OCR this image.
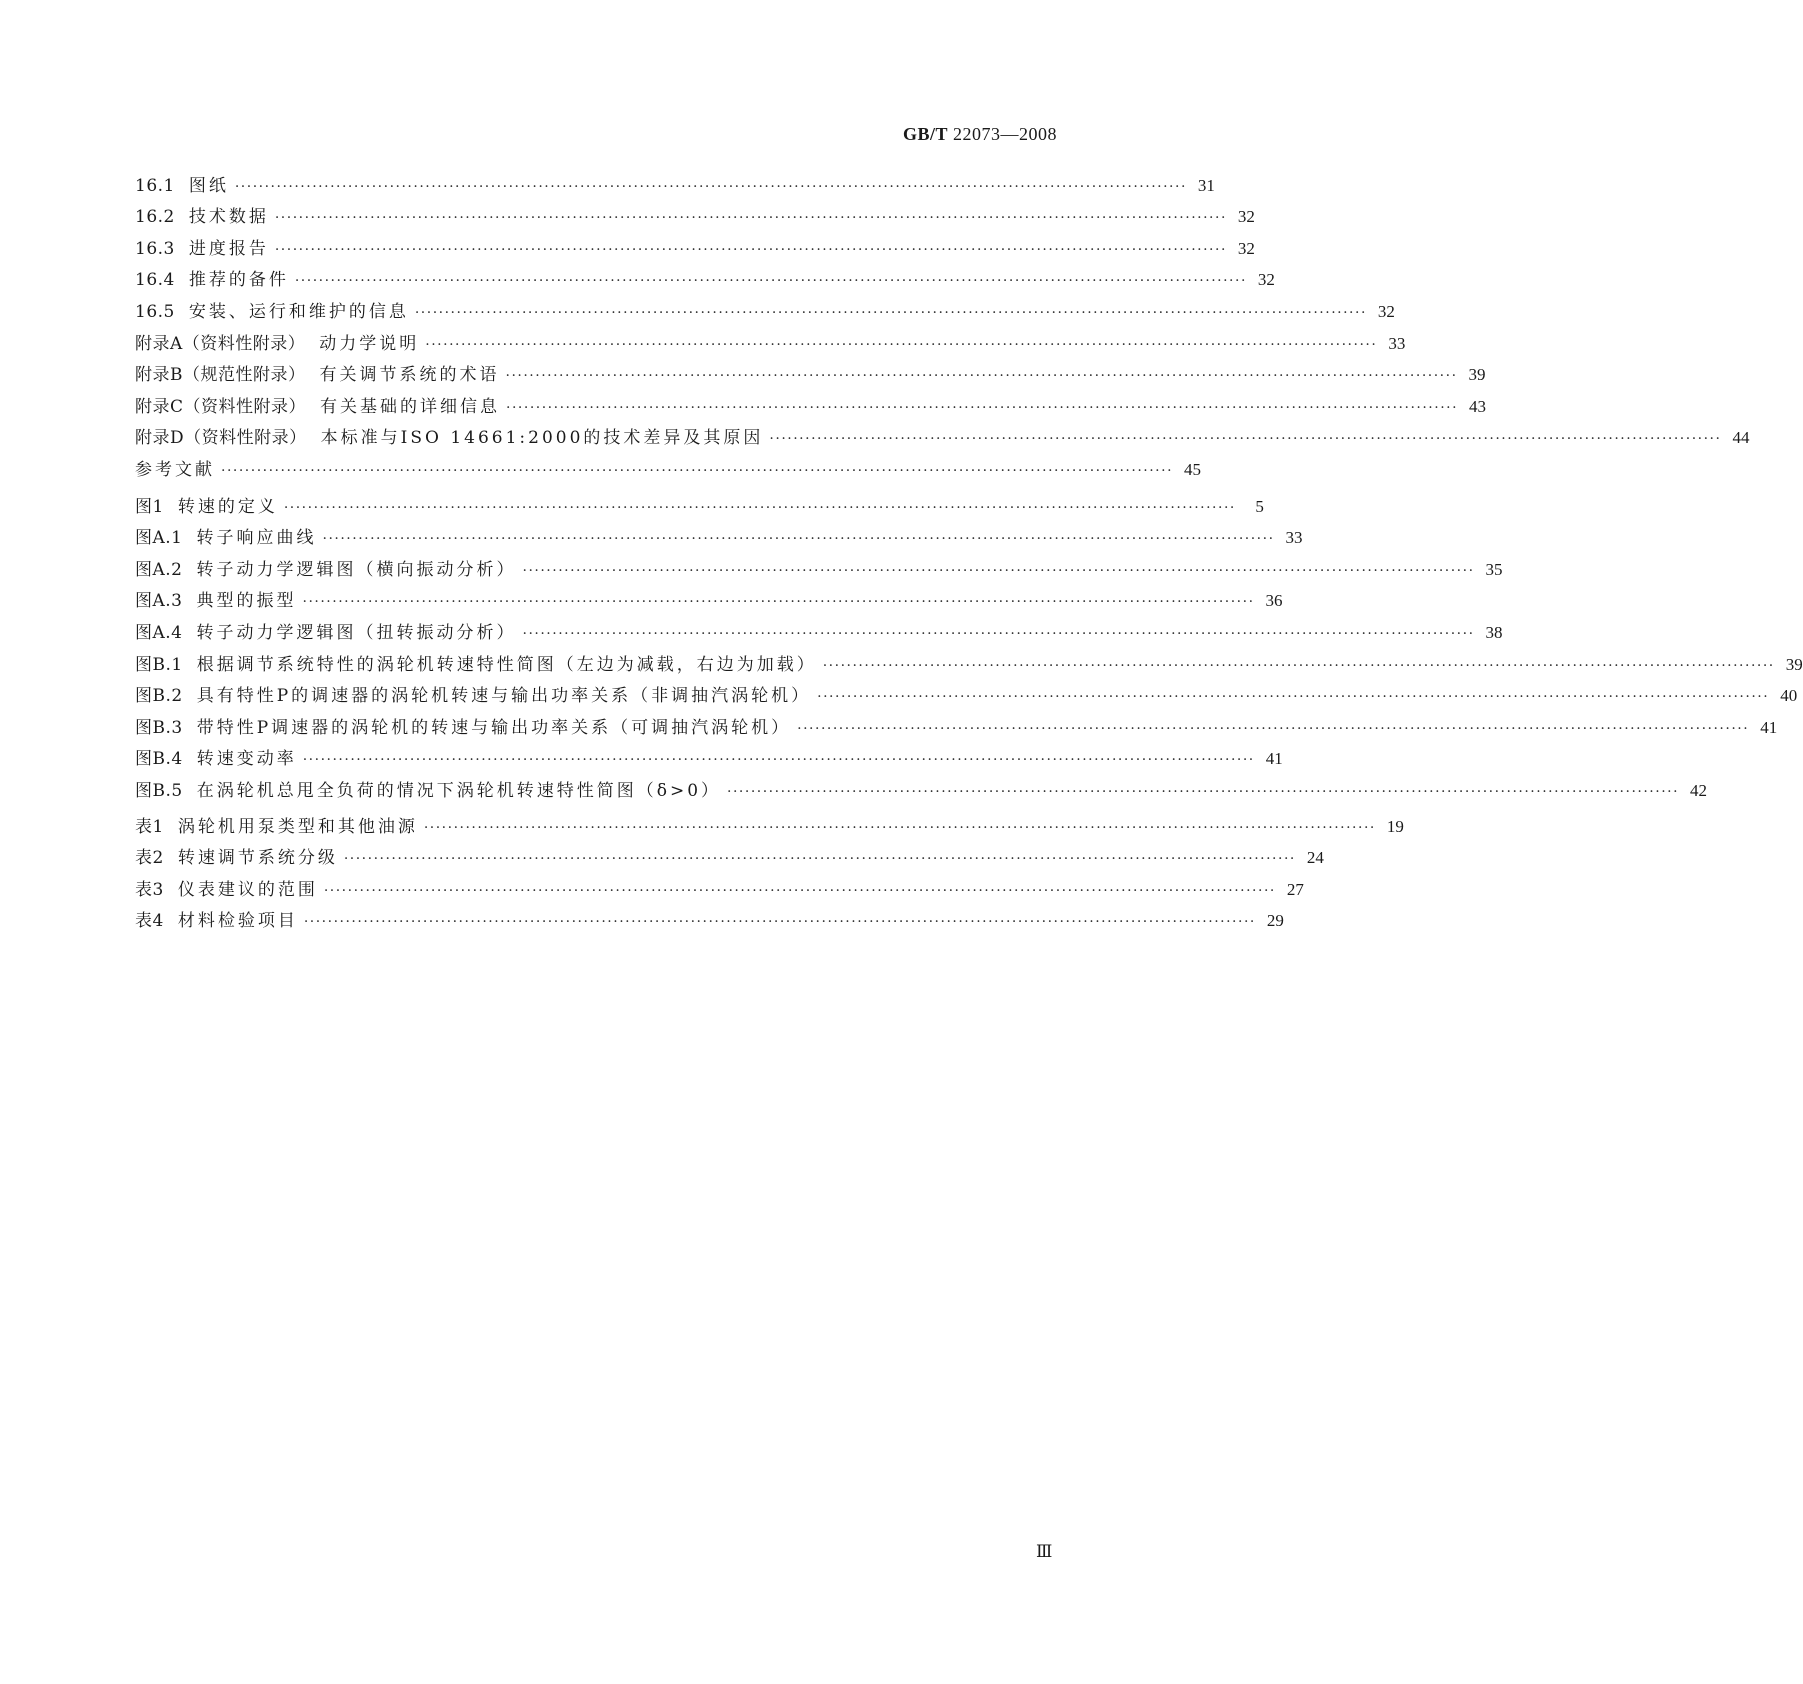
GB/T 22073—2008
16.1 图纸 ································································································································································ 31
16.2 技术数据 ································································································································································ 32
16.3 进度报告 ································································································································································ 32
16.4 推荐的备件 ································································································································································ 32
16.5 安装、运行和维护的信息 ································································································································································ 32
附录A（资料性附录） 动力学说明 ································································································································································ 33
附录B（规范性附录） 有关调节系统的术语 ································································································································································ 39
附录C（资料性附录） 有关基础的详细信息 ································································································································································ 43
附录D（资料性附录） 本标准与ISO 14661:2000的技术差异及其原因 ································································································································································ 44
参考文献 ································································································································································ 45
图1 转速的定义 ································································································································································	5
图A.1 转子响应曲线 ································································································································································ 33
图A.2 转子动力学逻辑图（横向振动分析） ································································································································································ 35
图A.3 典型的振型 ································································································································································ 36
图A.4 转子动力学逻辑图（扭转振动分析） ································································································································································ 38
图B.1 根据调节系统特性的涡轮机转速特性简图（左边为减载，右边为加载） ································································································································································ 39
图B.2 具有特性P的调速器的涡轮机转速与输出功率关系（非调抽汽涡轮机） ································································································································································ 40
图B.3 带特性P调速器的涡轮机的转速与输出功率关系（可调抽汽涡轮机） ································································································································································ 41
图B.4 转速变动率 ································································································································································ 41
图B.5 在涡轮机总甩全负荷的情况下涡轮机转速特性简图（δ>0） ································································································································································ 42
表1 涡轮机用泵类型和其他油源 ································································································································································ 19
表2 转速调节系统分级 ································································································································································ 24
表3 仪表建议的范围 ································································································································································ 27
表4 材料检验项目 ································································································································································ 29
Ⅲ
